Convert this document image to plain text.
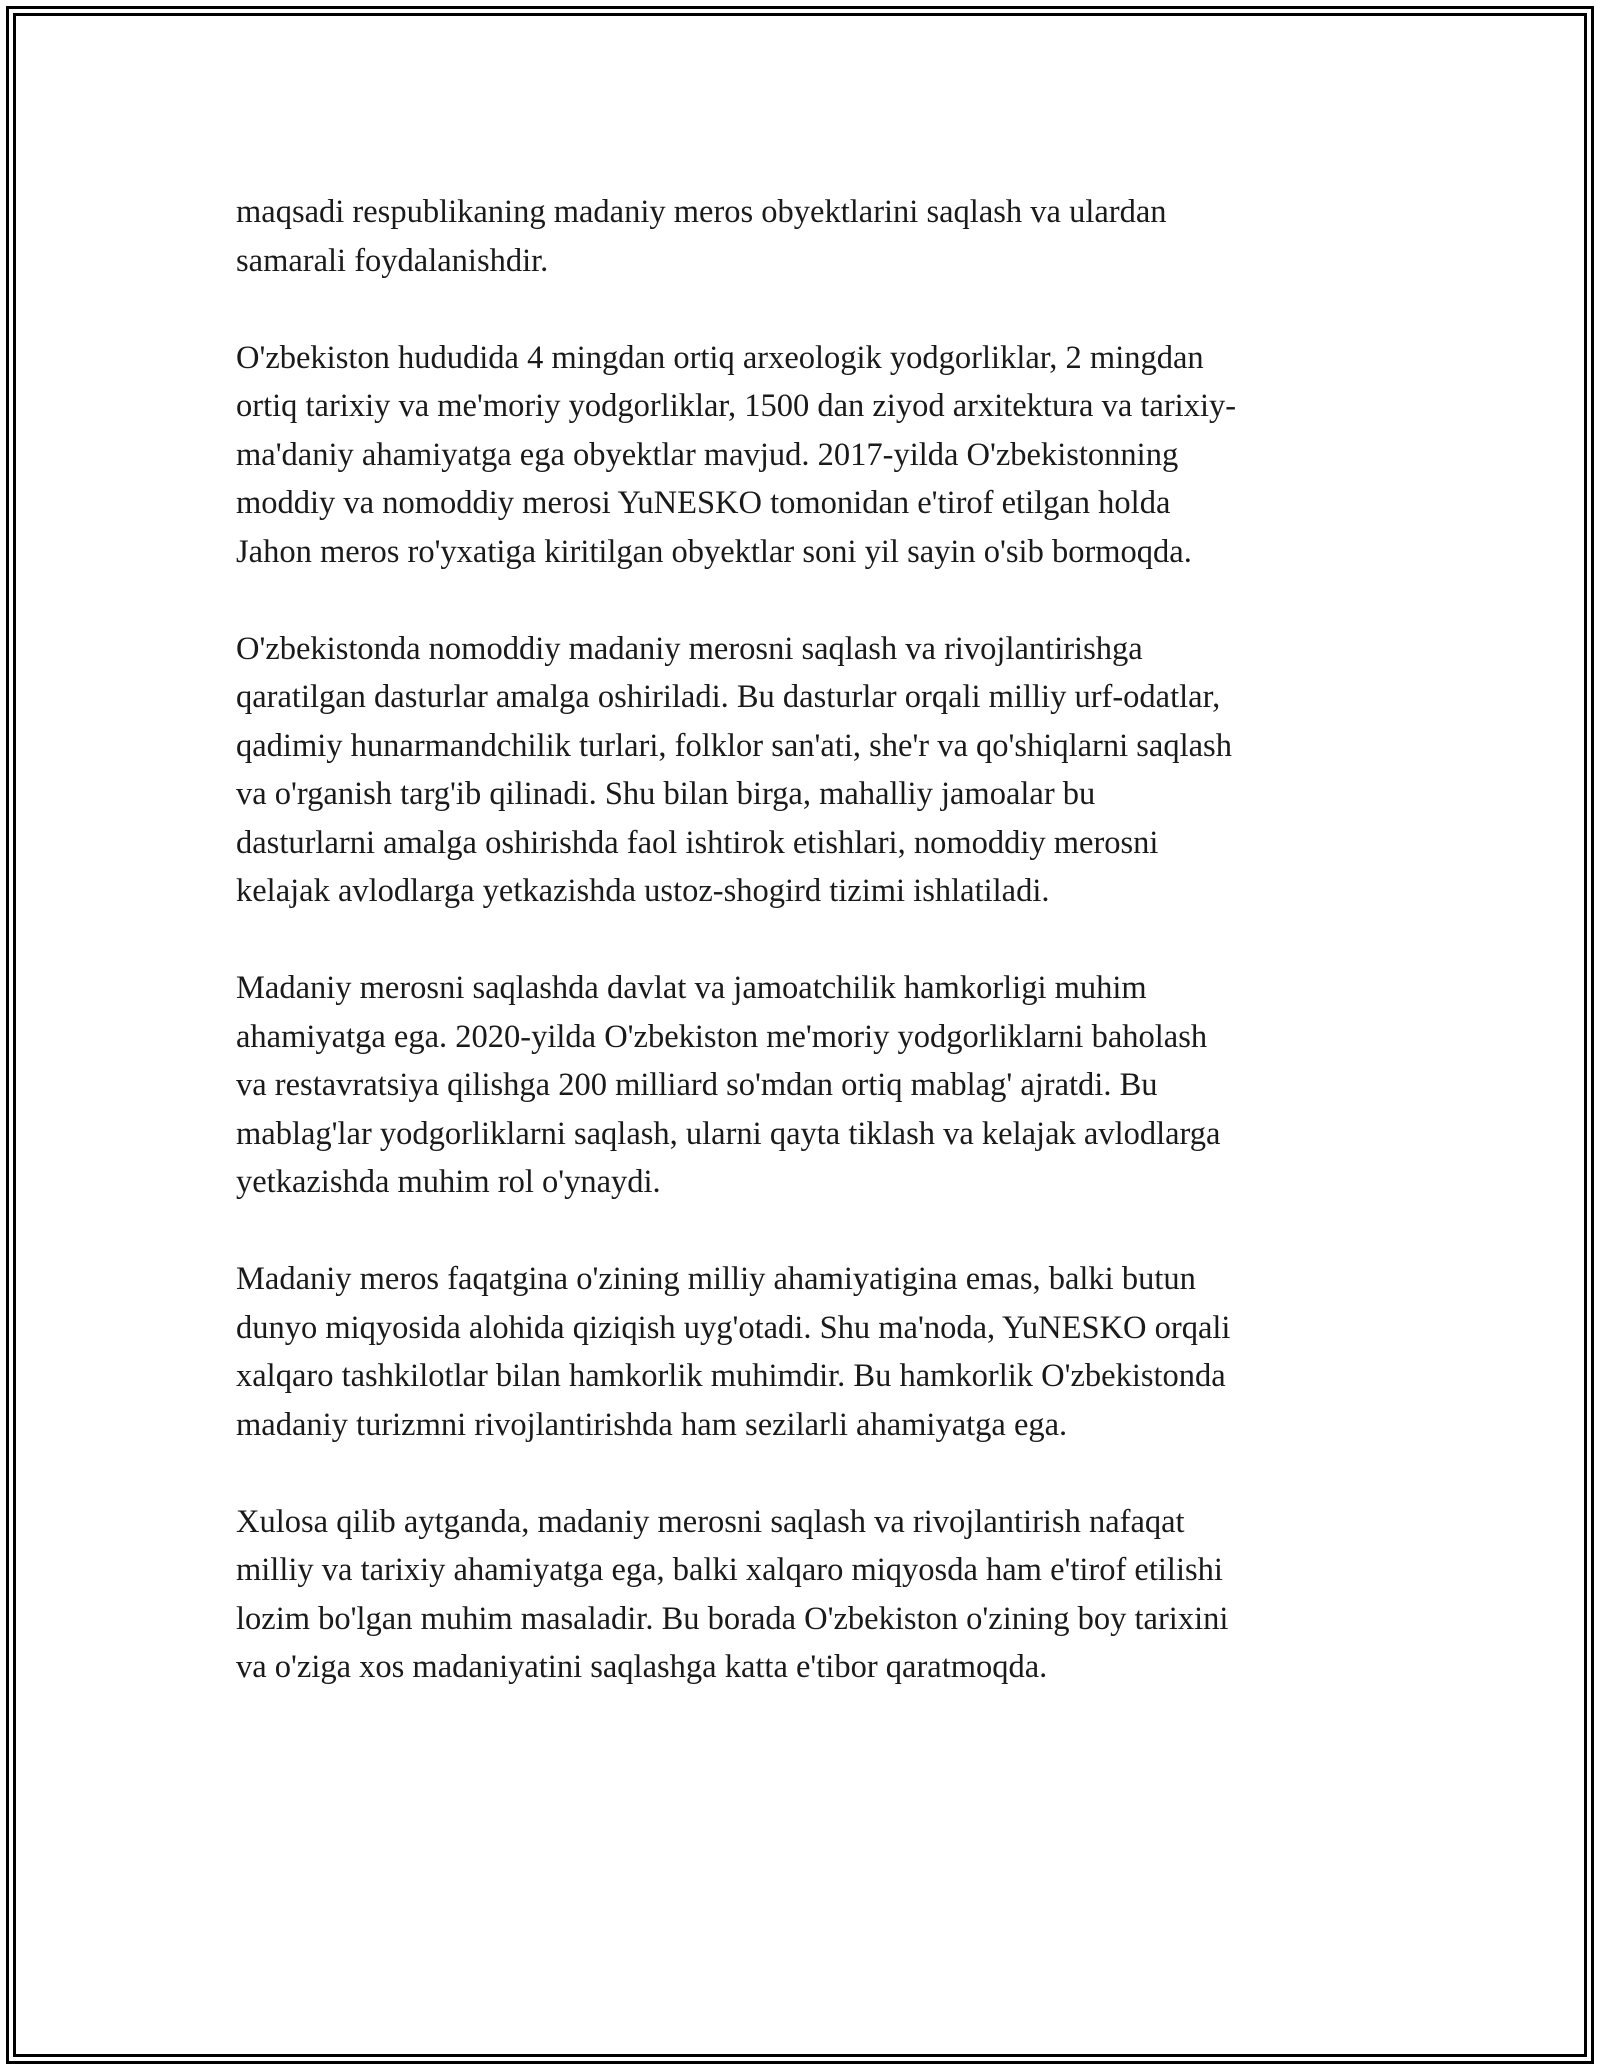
maqsadi respublikaning madaniy meros obyektlarini saqlash va ulardan
samarali foydalanishdir.

O'zbekiston hududida 4 mingdan ortiq arxeologik yodgorliklar, 2 mingdan
ortiq tarixiy va me'moriy yodgorliklar, 1500 dan ziyod arxitektura va tarixiy-
ma'daniy ahamiyatga ega obyektlar mavjud. 2017-yilda O'zbekistonning
moddiy va nomoddiy merosi YuNESKO tomonidan e'tirof etilgan holda
Jahon meros ro'yxatiga kiritilgan obyektlar soni yil sayin o'sib bormoqda.

O'zbekistonda nomoddiy madaniy merosni saqlash va rivojlantirishga
qaratilgan dasturlar amalga oshiriladi. Bu dasturlar orqali milliy urf-odatlar,
qadimiy hunarmandchilik turlari, folklor san'ati, she'r va qo'shiqlarni saqlash
va o'rganish targ'ib qilinadi. Shu bilan birga, mahalliy jamoalar bu
dasturlarni amalga oshirishda faol ishtirok etishlari, nomoddiy merosni
kelajak avlodlarga yetkazishda ustoz-shogird tizimi ishlatiladi.

Madaniy merosni saqlashda davlat va jamoatchilik hamkorligi muhim
ahamiyatga ega. 2020-yilda O'zbekiston me'moriy yodgorliklarni baholash
va restavratsiya qilishga 200 milliard so'mdan ortiq mablag' ajratdi. Bu
mablag'lar yodgorliklarni saqlash, ularni qayta tiklash va kelajak avlodlarga
yetkazishda muhim rol o'ynaydi.

Madaniy meros faqatgina o'zining milliy ahamiyatigina emas, balki butun
dunyo miqyosida alohida qiziqish uyg'otadi. Shu ma'noda, YuNESKO orqali
xalqaro tashkilotlar bilan hamkorlik muhimdir. Bu hamkorlik O'zbekistonda
madaniy turizmni rivojlantirishda ham sezilarli ahamiyatga ega.

Xulosa qilib aytganda, madaniy merosni saqlash va rivojlantirish nafaqat
milliy va tarixiy ahamiyatga ega, balki xalqaro miqyosda ham e'tirof etilishi
lozim bo'lgan muhim masaladir. Bu borada O'zbekiston o'zining boy tarixini
va o'ziga xos madaniyatini saqlashga katta e'tibor qaratmoqda.
